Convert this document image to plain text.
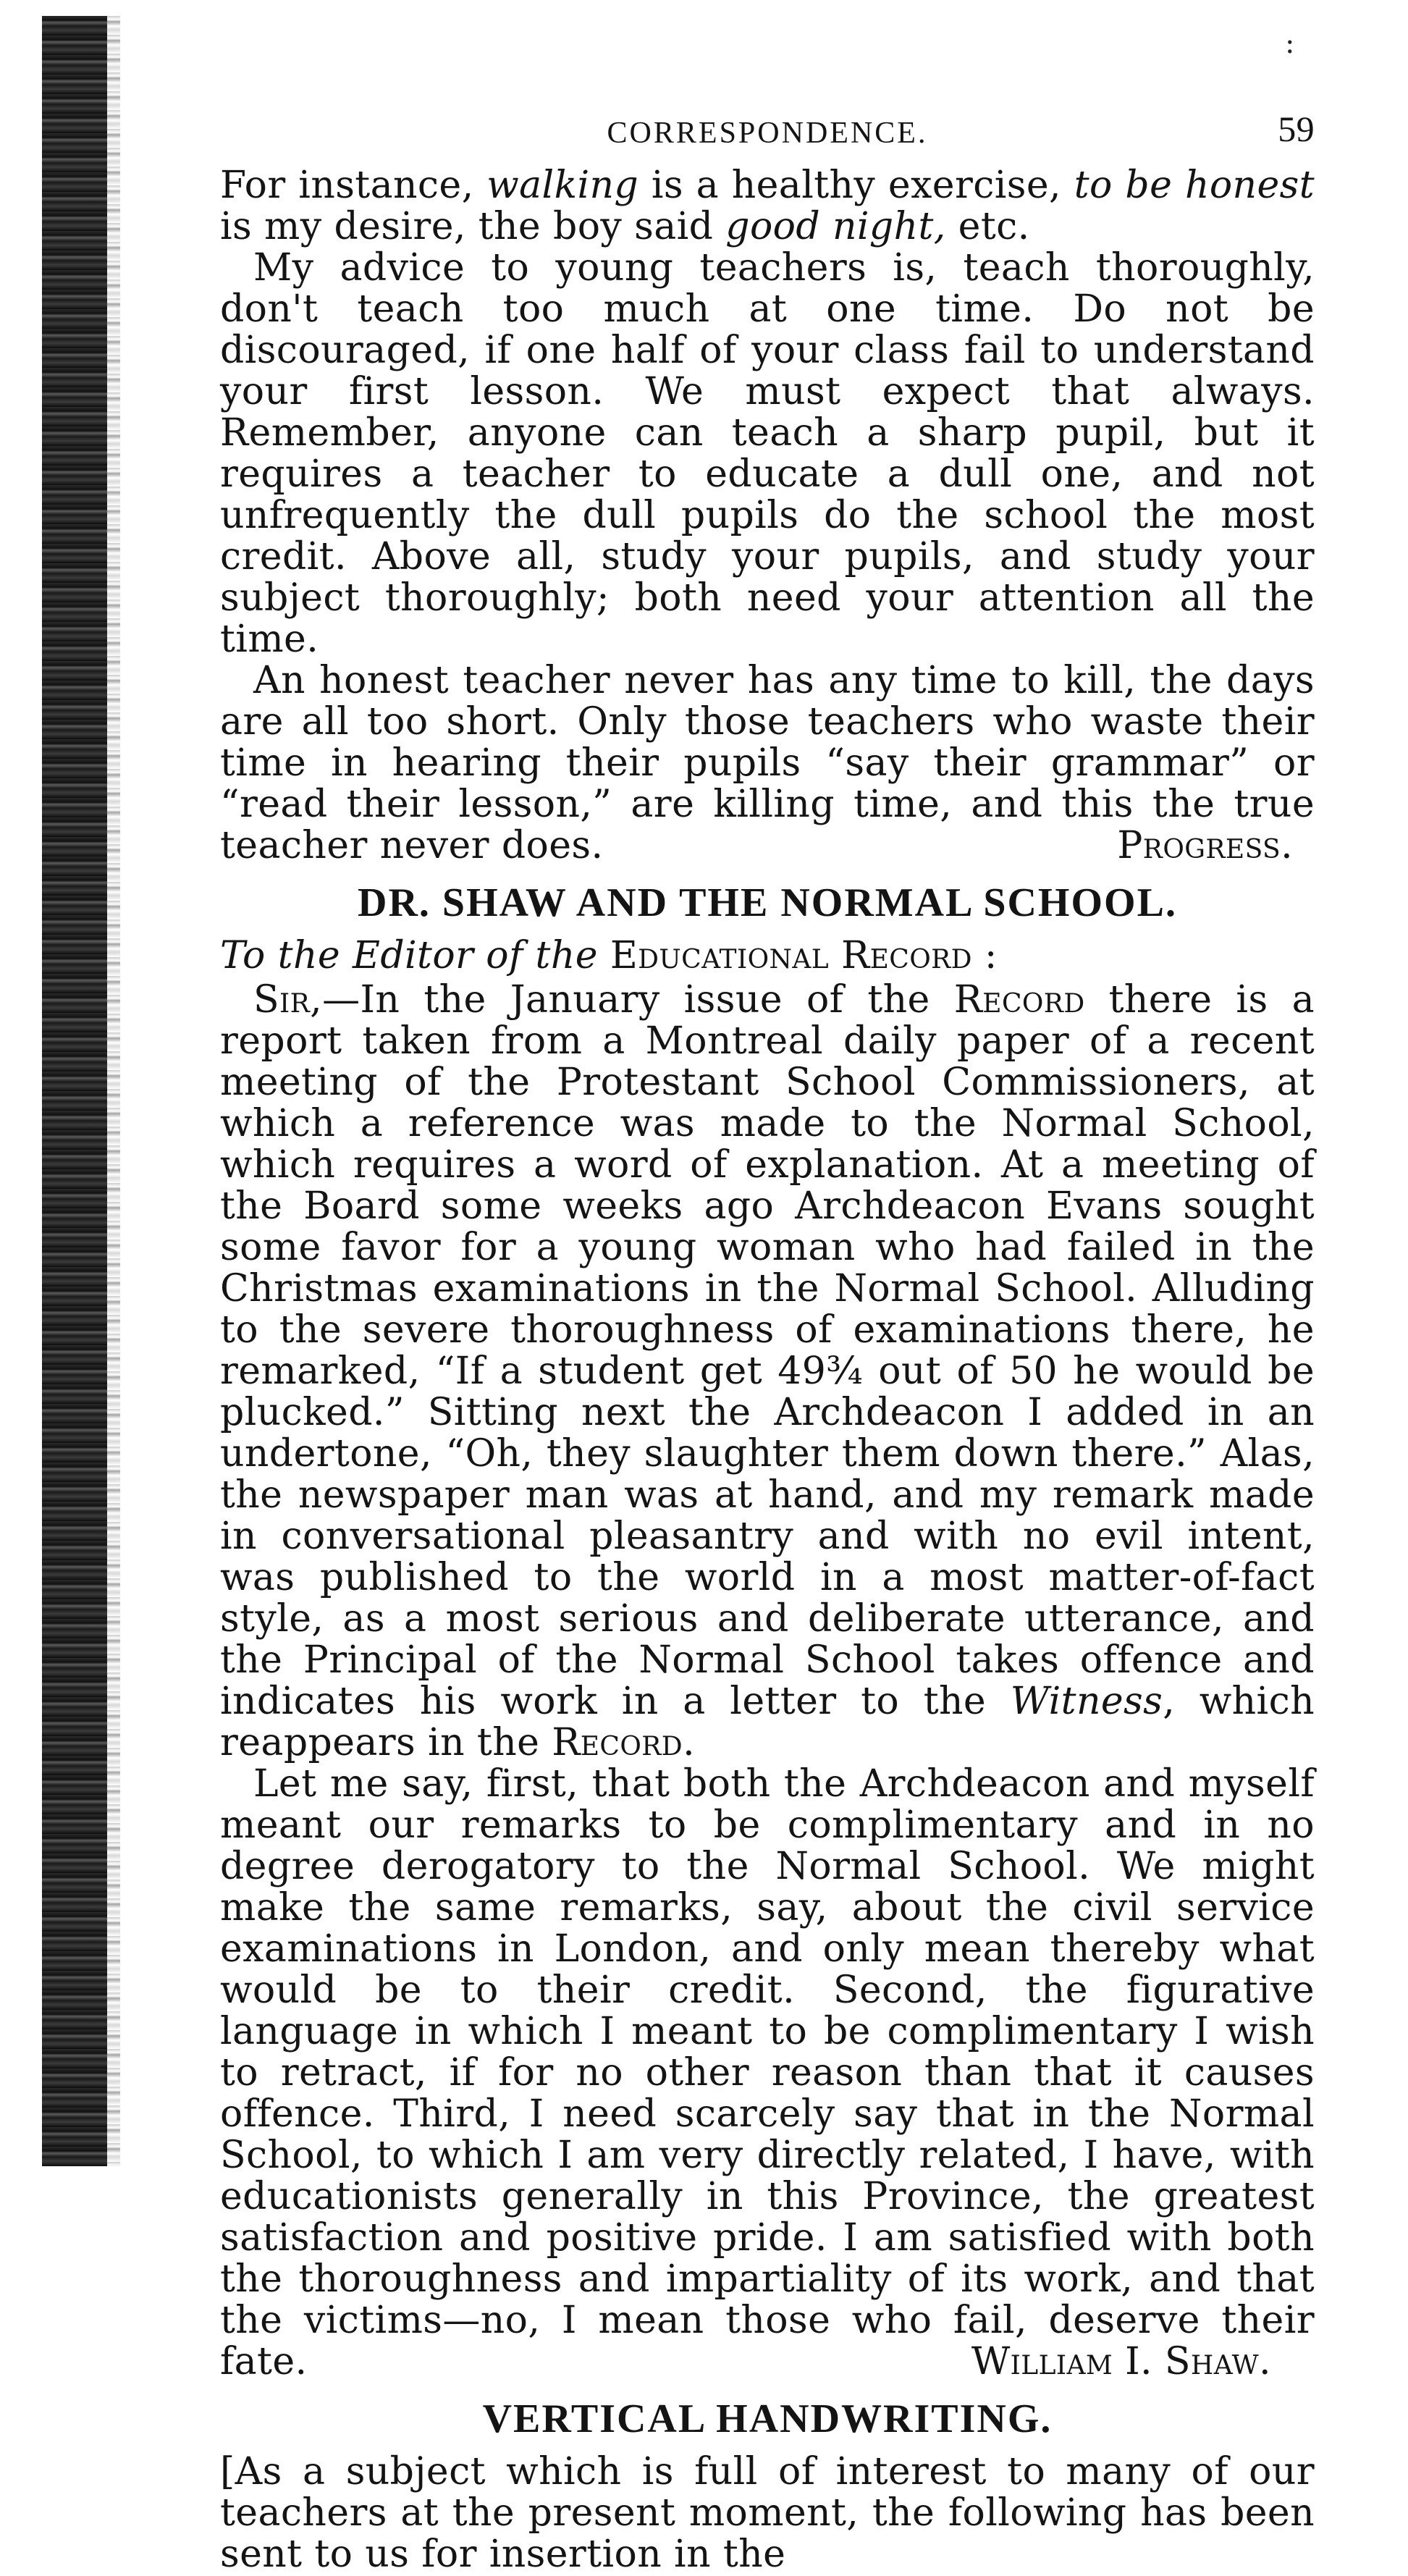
:
CORRESPONDENCE.	59

For instance, walking is a healthy exercise, to be honest is my desire, the boy said good night, etc.

My advice to young teachers is, teach thoroughly, don't teach too much at one time. Do not be discouraged, if one half of your class fail to understand your first lesson. We must expect that always. Remember, anyone can teach a sharp pupil, but it requires a teacher to educate a dull one, and not unfrequently the dull pupils do the school the most credit. Above all, study your pupils, and study your subject thoroughly; both need your attention all the time.

An honest teacher never has any time to kill, the days are all too short. Only those teachers who waste their time in hearing their pupils “say their grammar” or “read their lesson,” are killing time, and this the true teacher never does.	Progress.
DR. SHAW AND THE NORMAL SCHOOL.

To the Editor of the Educational Record :

Sir,—In the January issue of the Record there is a report taken from a Montreal daily paper of a recent meeting of the Protestant School Commissioners, at which a reference was made to the Normal School, which requires a word of explanation. At a meeting of the Board some weeks ago Archdeacon Evans sought some favor for a young woman who had failed in the Christmas examinations in the Normal School. Alluding to the severe thoroughness of examinations there, he remarked, “If a student get 49¾ out of 50 he would be plucked.” Sitting next the Archdeacon I added in an undertone, “Oh, they slaughter them down there.” Alas, the newspaper man was at hand, and my remark made in conversational pleasantry and with no evil intent, was published to the world in a most matter-of-fact style, as a most serious and deliberate utterance, and the Principal of the Normal School takes offence and indicates his work in a letter to the Witness, which reappears in the Record.

Let me say, first, that both the Archdeacon and myself meant our remarks to be complimentary and in no degree derogatory to the Normal School. We might make the same remarks, say, about the civil service examinations in London, and only mean thereby what would be to their credit. Second, the figurative language in which I meant to be complimentary I wish to retract, if for no other reason than that it causes offence. Third, I need scarcely say that in the Normal School, to which I am very directly related, I have, with educationists generally in this Province, the greatest satisfaction and positive pride. I am satisfied with both the thoroughness and impartiality of its work, and that the victims—no, I mean those who fail, deserve their fate.	William I. Shaw.
VERTICAL HANDWRITING.

[As a subject which is full of interest to many of our teachers at the present moment, the following has been sent to us for insertion in the
